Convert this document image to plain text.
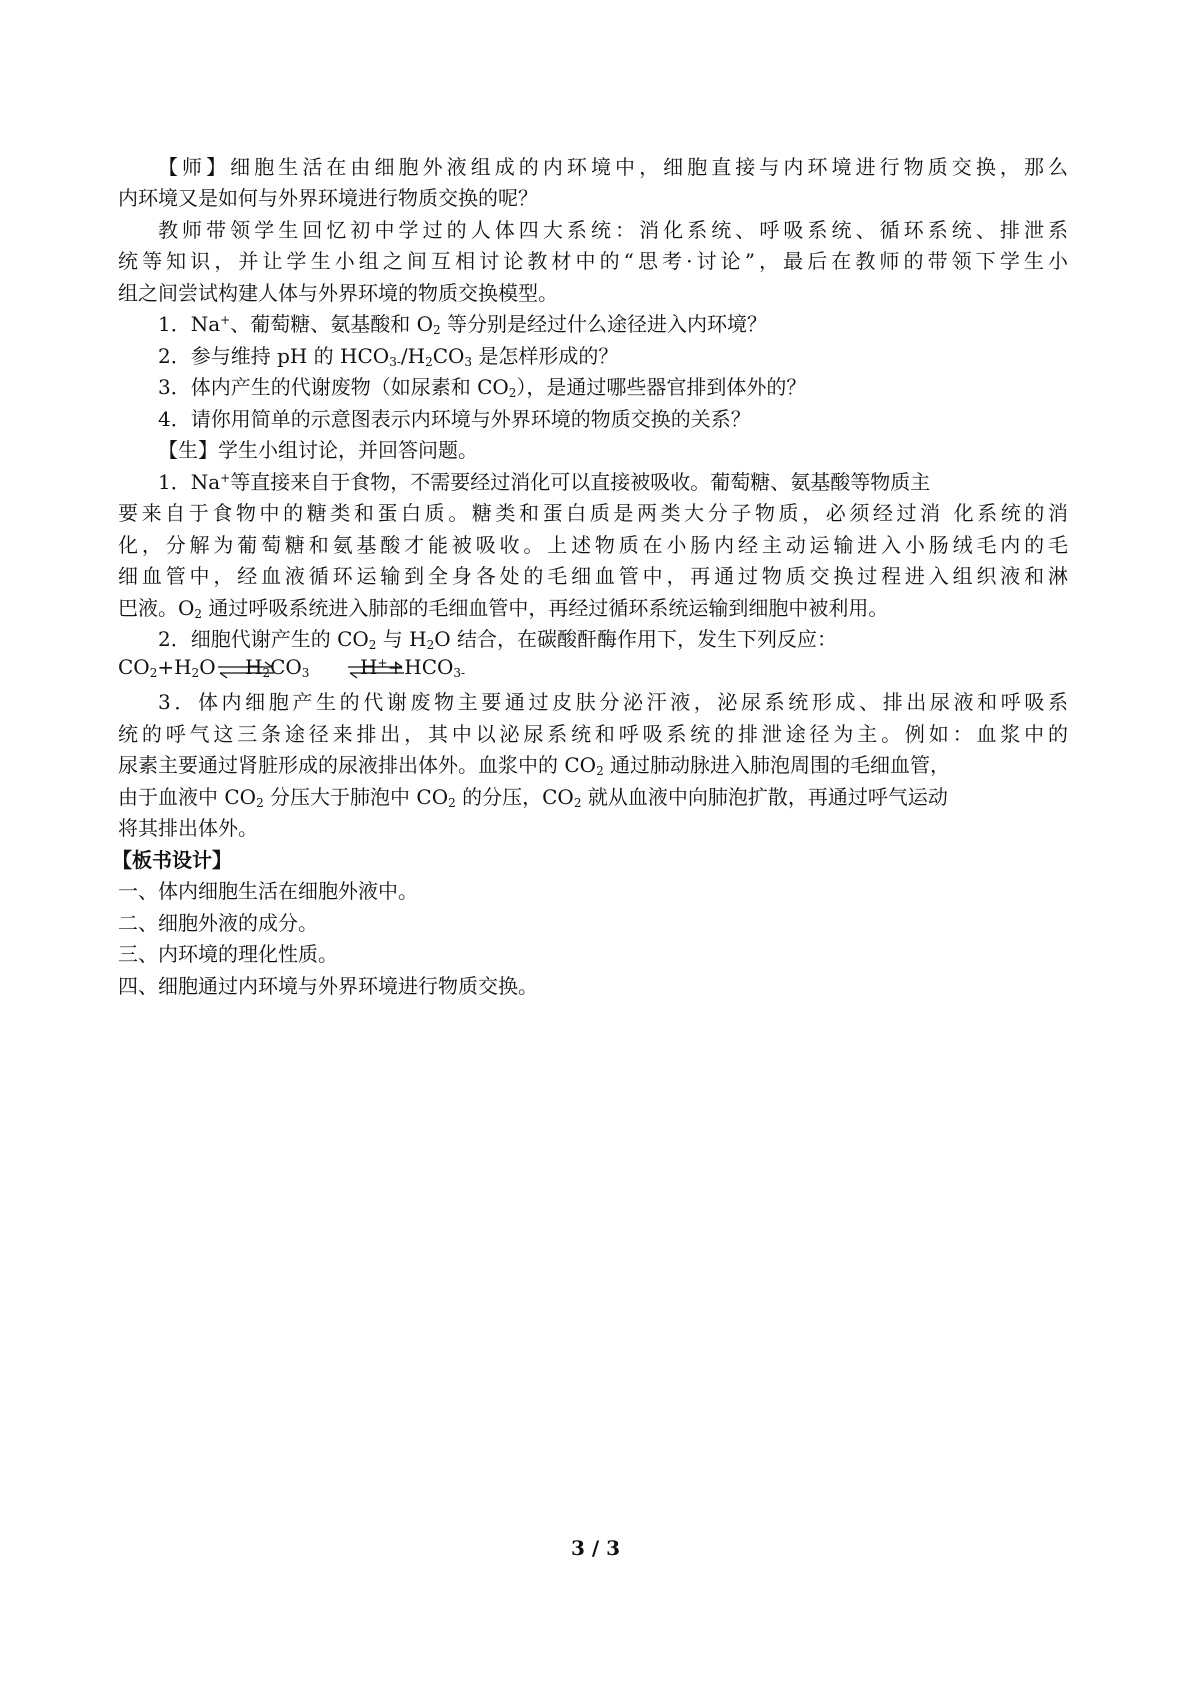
【师】细胞生活在由细胞外液组成的内环境中，细胞直接与内环境进行物质交换，那么
内环境又是如何与外界环境进行物质交换的呢？
教师带领学生回忆初中学过的人体四大系统：消化系统、呼吸系统、循环系统、排泄系
统等知识，并让学生小组之间互相讨论教材中的“思考·讨论”，最后在教师的带领下学生小
组之间尝试构建人体与外界环境的物质交换模型。
1．Na+、葡萄糖、氨基酸和 $O_2$ 等分别是经过什么途径进入内环境？
2．参与维持 pH 的 $HCO_{3-}/H_2CO_3$ 是怎样形成的？
3．体内产生的代谢废物（如尿素和 $CO_2$），是通过哪些器官排到体外的？
4．请你用简单的示意图表示内环境与外界环境的物质交换的关系？
【生】学生小组讨论，并回答问题。
1．Na+等直接来自于食物，不需要经过消化可以直接被吸收。葡萄糖、氨基酸等物质主
要来自于食物中的糖类和蛋白质。糖类和蛋白质是两类大分子物质，必须经过消 化系统的消
化，分解为葡萄糖和氨基酸才能被吸收。上述物质在小肠内经主动运输进入小肠绒毛内的毛
细血管中，经血液循环运输到全身各处的毛细血管中，再通过物质交换过程进入组织液和淋
巴液。$O_2$ 通过呼吸系统进入肺部的毛细血管中，再经过循环系统运输到细胞中被利用。
2．细胞代谢产生的 $CO_2$ 与 $H_2O$ 结合，在碳酸酐酶作用下，发生下列反应：
$CO_2+H_2O$ ⇌
$H_2CO_3$	$H^++HCO_{3-}$
3．体内细胞产生的代谢废物主要通过皮肤分泌汗液，泌尿系统形成、排出尿液和呼吸系
统的呼气这三条途径来排出，其中以泌尿系统和呼吸系统的排泄途径为主。例如：血浆中的
尿素主要通过肾脏形成的尿液排出体外。血浆中的 $CO_2$ 通过肺动脉进入肺泡周围的毛细血管，
由于血液中 $CO_2$ 分压大于肺泡中 $CO_2$ 的分压，$CO_2$ 就从血液中向肺泡扩散，再通过呼气运动
将其排出体外。
【板书设计】
一、体内细胞生活在细胞外液中。
二、细胞外液的成分。
三、内环境的理化性质。
四、细胞通过内环境与外界环境进行物质交换。
3 / 3
